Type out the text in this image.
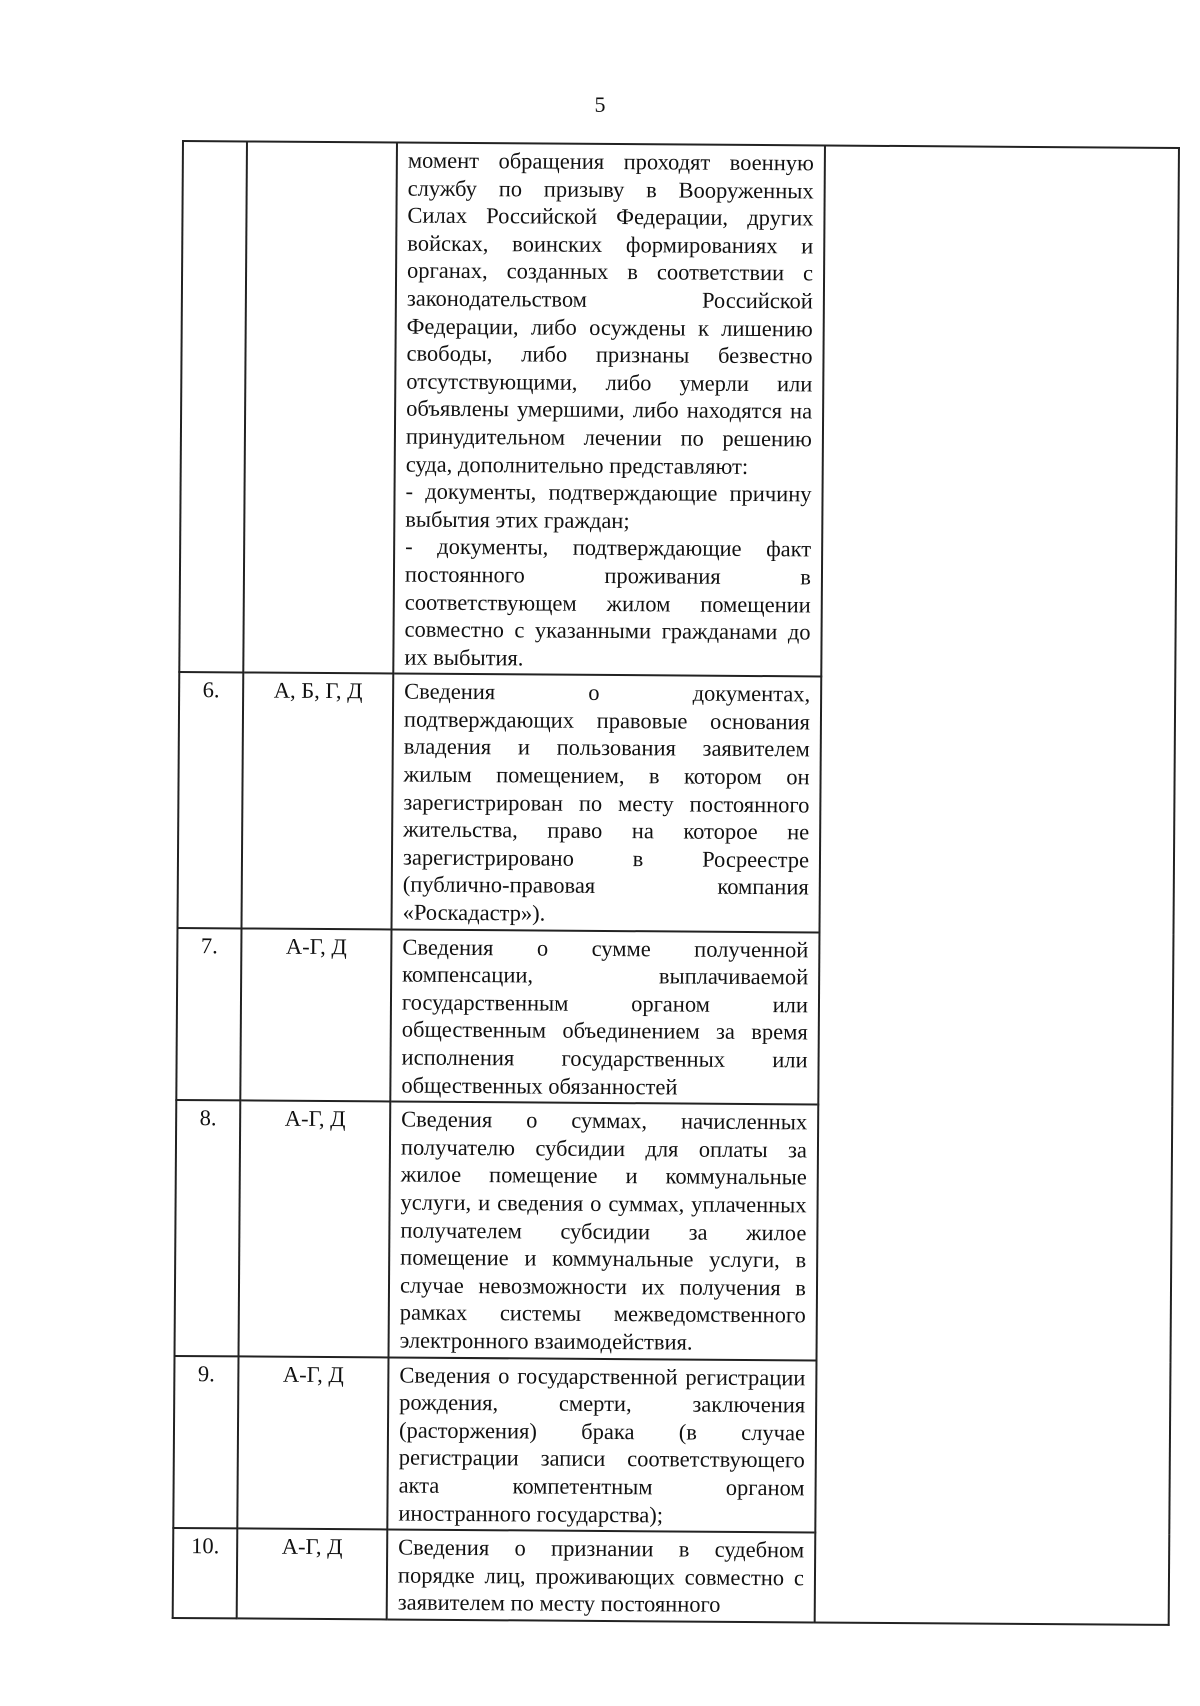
5

		момент обращения проходят военную службу по призыву в Вооруженных Силах Российской Федерации, других войсках, воинских формированиях и органах, созданных в соответствии с законодательством Российской Федерации, либо осуждены к лишению свободы, либо признаны безвестно отсутствующими, либо умерли или объявлены умершими, либо находятся на принудительном лечении по решению суда, дополнительно представляют:

- документы, подтверждающие причину выбытия этих граждан;

- документы, подтверждающие факт постоянного проживания в соответствующем жилом помещении совместно с указанными гражданами до их выбытия.	

6.	А, Б, Г, Д	Сведения о документах, подтверждающих правовые основания владения и пользования заявителем жилым помещением, в котором он зарегистрирован по месту постоянного жительства, право на которое не зарегистрировано в Росреестре (публично-правовая компания «Роскадастр»).	

7.	А-Г, Д	Сведения о сумме полученной компенсации, выплачиваемой государственным органом или общественным объединением за время исполнения государственных или общественных обязанностей	

8.	А-Г, Д	Сведения о суммах, начисленных получателю субсидии для оплаты за жилое помещение и коммунальные услуги, и сведения о суммах, уплаченных получателем субсидии за жилое помещение и коммунальные услуги, в случае невозможности их получения в рамках системы межведомственного электронного взаимодействия.	

9.	А-Г, Д	Сведения о государственной регистрации рождения, смерти, заключения (расторжения) брака (в случае регистрации записи соответствующего акта компетентным органом иностранного государства);	

10.	А-Г, Д	Сведения о признании в судебном порядке лиц, проживающих совместно с заявителем по месту постоянного	
